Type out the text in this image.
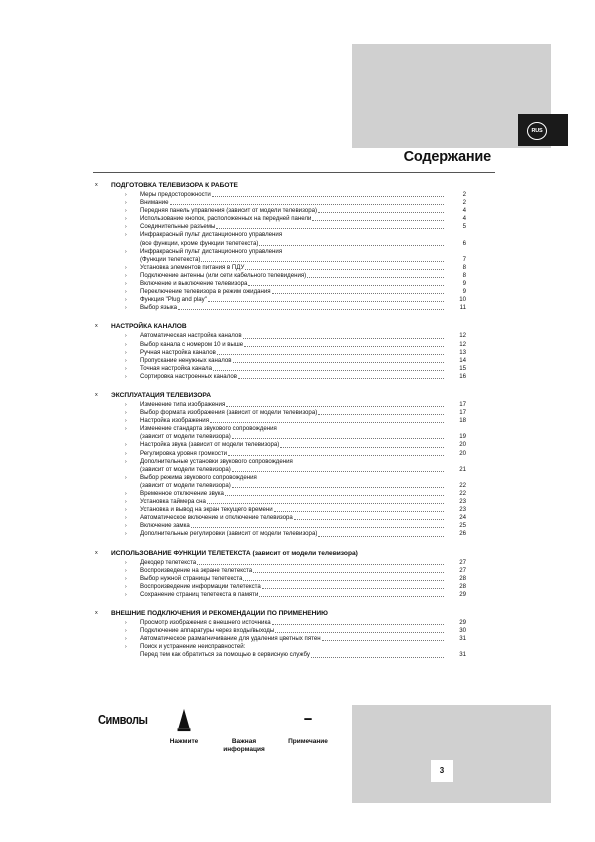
RUS
3
Содержание
x ПОДГОТОВКА ТЕЛЕВИЗОРА К РАБОТЕ
› Меры предосторожности	2
› Внимание	2
› Передняя панель управления (зависит от модели телевизора)	4
› Использование кнопок, расположенных на передней панели	4
› Соединительные разъемы	5
› Инфракрасный пульт дистанционного управления
(все функции, кроме функции телетекста)	6
› Инфракрасный пульт дистанционного управления
(Функции телетекста)	7
› Установка элементов питания в ПДУ	8
› Подключение антенны (или сети кабельного телевидения)	8
› Включение и выключение телевизора	9
› Переключение телевизора в режим ожидания	9
› Функция "Plug and play"	10
› Выбор языка	11
x НАСТРОЙКА КАНАЛОВ
› Автоматическая настройка каналов	12
› Выбор канала с номером 10 и выше	12
› Ручная настройка каналов	13
› Пропускание ненужных каналов	14
› Точная настройка канала	15
› Сортировка настроенных каналов	16
x ЭКСПЛУАТАЦИЯ ТЕЛЕВИЗОРА
› Изменение типа изображения	17
› Выбор формата изображения (зависит от модели телевизора)	17
› Настройка изображения	18
› Изменение стандарта звукового сопровождения
(зависит от модели телевизора)	19
› Настройка звука (зависит от модели телевизора)	20
› Регулировка уровня громкости	20
› Дополнительные установки звукового сопровождения
(зависит от модели телевизора)	21
› Выбор режима звукового сопровождения
(зависит от модели телевизора)	22
› Временное отключение звука	22
› Установка таймера сна	23
› Установка и вывод на экран текущего времени	23
› Автоматическое включение и отключение телевизора	24
› Включение замка	25
› Дополнительные регулировки (зависит от модели телевизора)	26
x ИСПОЛЬЗОВАНИЕ ФУНКЦИИ ТЕЛЕТЕКСТА (зависит от модели телевизора)
› Декодер телетекста	27
› Воспроизведение на экране телетекста	27
› Выбор нужной страницы телетекста	28
› Воспроизведение информации телетекста	28
› Сохранение страниц телетекста в памяти	29
x ВНЕШНИЕ ПОДКЛЮЧЕНИЯ И РЕКОМЕНДАЦИИ ПО ПРИМЕНЕНИЮ
› Просмотр изображения с внешнего источника	29
› Подключение аппаратуры через входы/выходы	30
› Автоматическое размагничивание для удаления цветных пятен	31
› Поиск и устранение неисправностей:
Перед тем как обратиться за помощью в сервисную службу	31
Символы
Нажмите	Важная информация
Примечание
